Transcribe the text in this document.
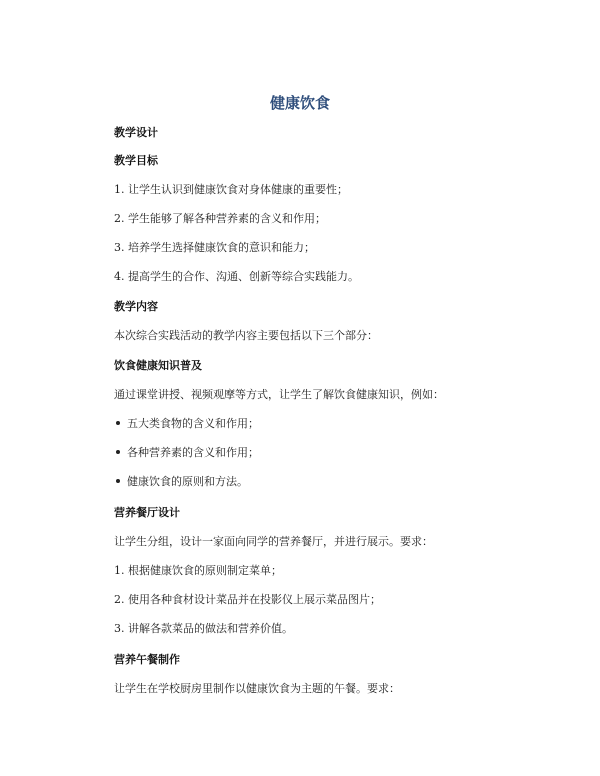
健康饮食
教学设计
教学目标
1. 让学生认识到健康饮食对身体健康的重要性；
2. 学生能够了解各种营养素的含义和作用；
3. 培养学生选择健康饮食的意识和能力；
4. 提高学生的合作、沟通、创新等综合实践能力。
教学内容
本次综合实践活动的教学内容主要包括以下三个部分：
饮食健康知识普及
通过课堂讲授、视频观摩等方式，让学生了解饮食健康知识，例如：
五大类食物的含义和作用；
各种营养素的含义和作用；
健康饮食的原则和方法。
营养餐厅设计
让学生分组，设计一家面向同学的营养餐厅，并进行展示。要求：
1. 根据健康饮食的原则制定菜单；
2. 使用各种食材设计菜品并在投影仪上展示菜品图片；
3. 讲解各款菜品的做法和营养价值。
营养午餐制作
让学生在学校厨房里制作以健康饮食为主题的午餐。要求：
